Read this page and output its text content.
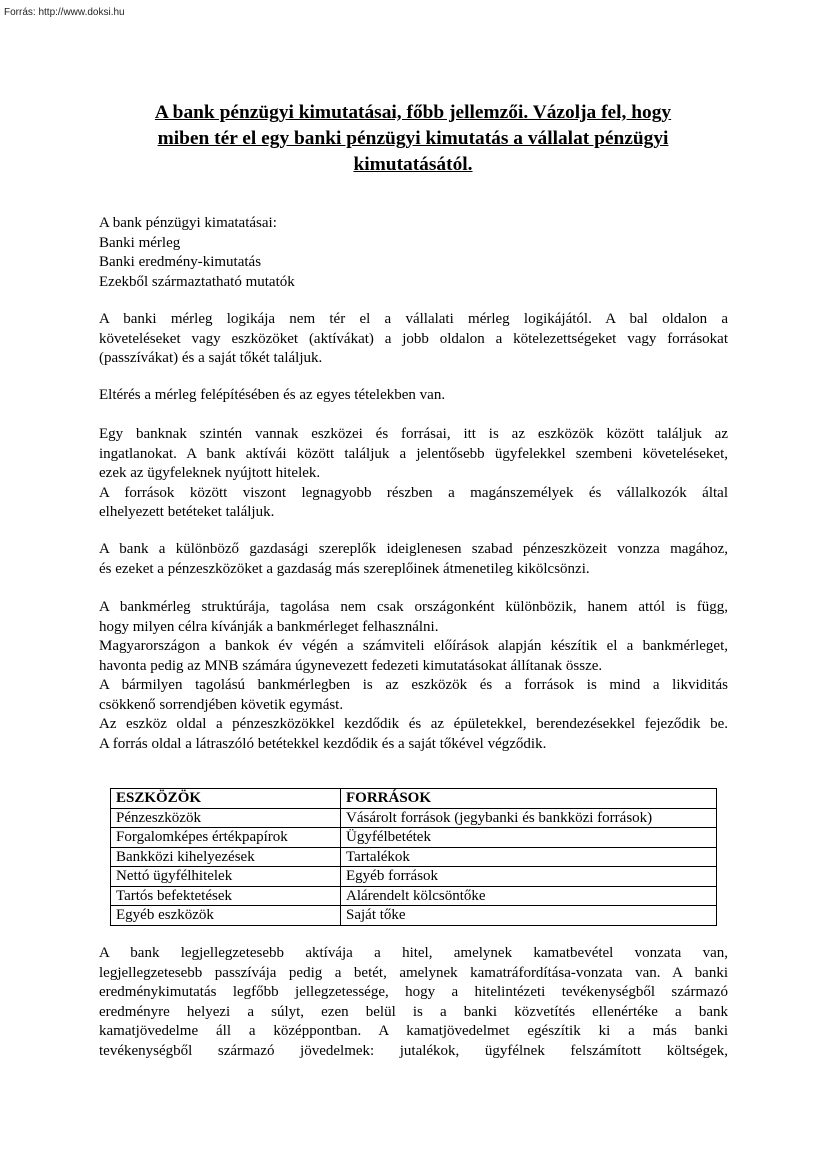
Forrás: http://www.doksi.hu
A bank pénzügyi kimutatásai, főbb jellemzői. Vázolja fel, hogy
miben tér el egy banki pénzügyi kimutatás a vállalat pénzügyi
kimutatásától.
A bank pénzügyi kimatatásai:
Banki mérleg
Banki eredmény-kimutatás
Ezekből származtatható mutatók
A banki mérleg logikája nem tér el a vállalati mérleg logikájától. A bal oldalon a
követeléseket vagy eszközöket (aktívákat) a jobb oldalon a kötelezettségeket vagy forrásokat
(passzívákat) és a saját tőkét találjuk.
Eltérés a mérleg felépítésében és az egyes tételekben van.
Egy banknak szintén vannak eszközei és forrásai, itt is az eszközök között találjuk az
ingatlanokat. A bank aktívái között találjuk a jelentősebb ügyfelekkel szembeni követeléseket,
ezek az ügyfeleknek nyújtott hitelek.
A források között viszont legnagyobb részben a magánszemélyek és vállalkozók által
elhelyezett betéteket találjuk.
A bank a különböző gazdasági szereplők ideiglenesen szabad pénzeszközeit vonzza magához,
és ezeket a pénzeszközöket a gazdaság más szereplőinek átmenetileg kikölcsönzi.
A bankmérleg struktúrája, tagolása nem csak országonként különbözik, hanem attól is függ,
hogy milyen célra kívánják a bankmérleget felhasználni.
Magyarországon a bankok év végén a számviteli előírások alapján készítik el a bankmérleget,
havonta pedig az MNB számára úgynevezett fedezeti kimutatásokat állítanak össze.
A bármilyen tagolású bankmérlegben is az eszközök és a források is mind a likviditás
csökkenő sorrendjében követik egymást.
Az eszköz oldal a pénzeszközökkel kezdődik és az épületekkel, berendezésekkel fejeződik be.
A forrás oldal a látraszóló betétekkel kezdődik és a saját tőkével végződik.
ESZKÖZÖK	FORRÁSOK
Pénzeszközök	Vásárolt források (jegybanki és bankközi források)
Forgalomképes értékpapírok	Ügyfélbetétek
Bankközi kihelyezések	Tartalékok
Nettó ügyfélhitelek	Egyéb források
Tartós befektetések	Alárendelt kölcsöntőke
Egyéb eszközök	Saját tőke
A bank legjellegzetesebb aktívája a hitel, amelynek kamatbevétel vonzata van,
legjellegzetesebb passzívája pedig a betét, amelynek kamatráfordítása-vonzata van. A banki
eredménykimutatás legfőbb jellegzetessége, hogy a hitelintézeti tevékenységből származó
eredményre helyezi a súlyt, ezen belül is a banki közvetítés ellenértéke a bank
kamatjövedelme áll a középpontban. A kamatjövedelmet egészítik ki a más banki
tevékenységből származó jövedelmek: jutalékok, ügyfélnek felszámított költségek,
